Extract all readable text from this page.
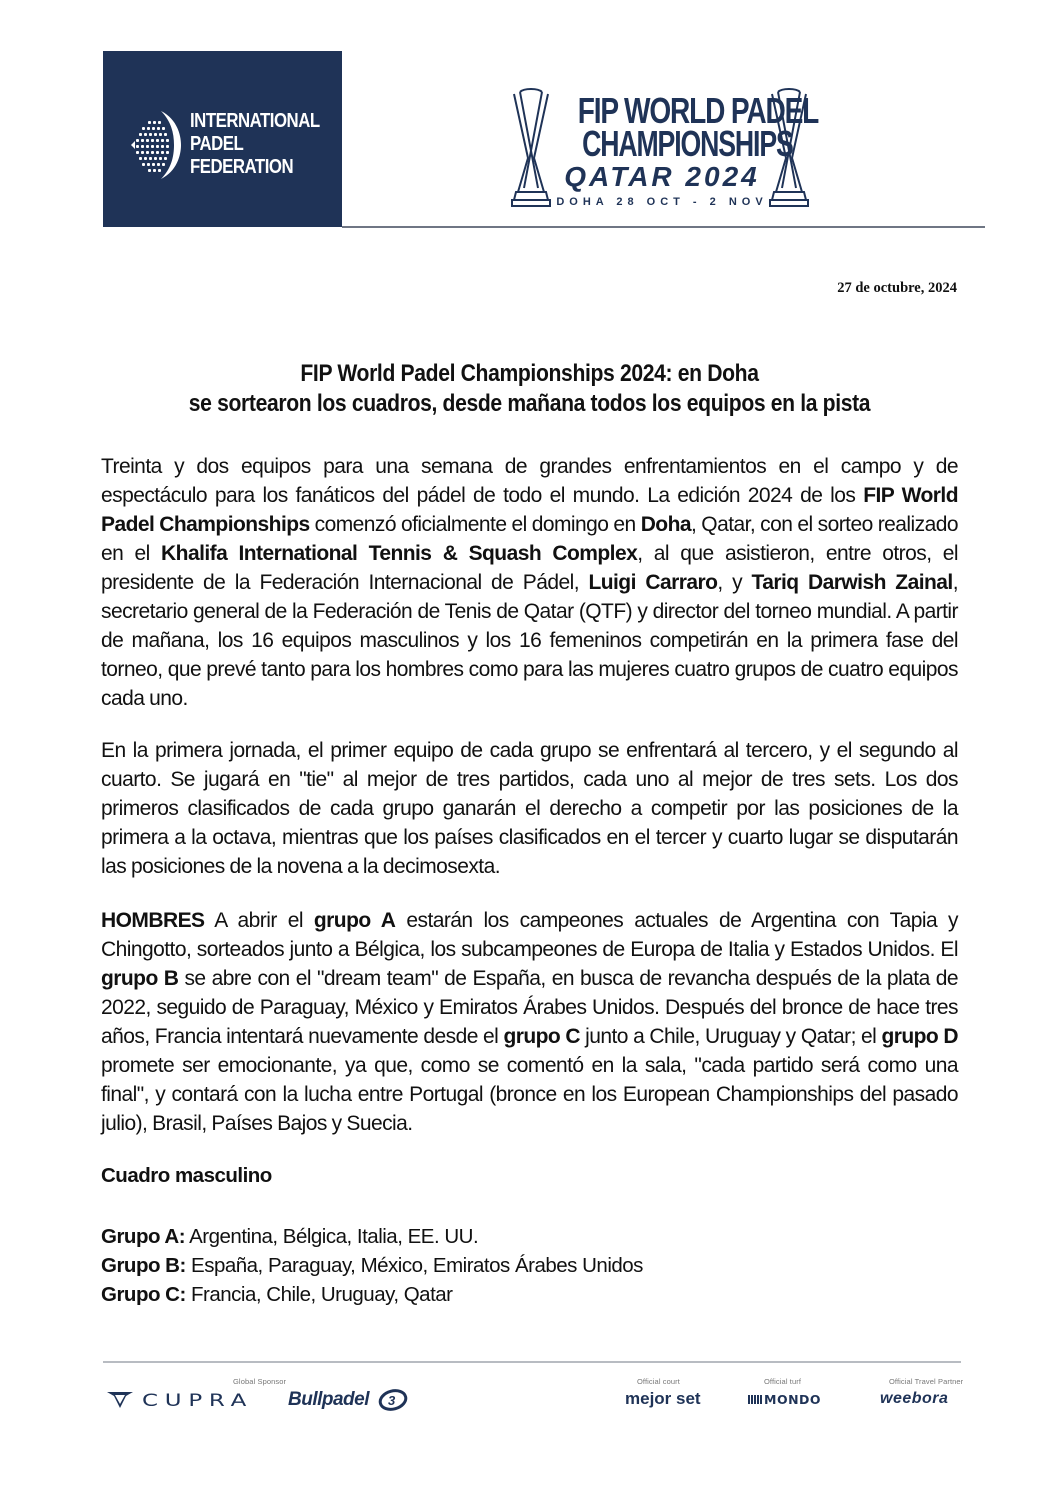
INTERNATIONAL
PADEL
FEDERATION
FIP WORLD PADEL
CHAMPIONSHIPS
QATAR 2024
DOHA 28 OCT - 2 NOV
27 de octubre, 2024
FIP World Padel Championships 2024: en Doha
se sortearon los cuadros, desde mañana todos los equipos en la pista
Treinta y dos equipos para una semana de grandes enfrentamientos en el campo y de espectáculo para los fanáticos del pádel de todo el mundo. La edición 2024 de los FIP World Padel Championships comenzó oficialmente el domingo en Doha, Qatar, con el sorteo realizado en el Khalifa International Tennis & Squash Complex, al que asistieron, entre otros, el presidente de la Federación Internacional de Pádel, Luigi Carraro, y Tariq Darwish Zainal, secretario general de la Federación de Tenis de Qatar (QTF) y director del torneo mundial. A partir de mañana, los 16 equipos masculinos y los 16 femeninos competirán en la primera fase del torneo, que prevé tanto para los hombres como para las mujeres cuatro grupos de cuatro equipos cada uno.
En la primera jornada, el primer equipo de cada grupo se enfrentará al tercero, y el segundo al cuarto. Se jugará en "tie" al mejor de tres partidos, cada uno al mejor de tres sets. Los dos primeros clasificados de cada grupo ganarán el derecho a competir por las posiciones de la primera a la octava, mientras que los países clasificados en el tercer y cuarto lugar se disputarán las posiciones de la novena a la decimosexta.
HOMBRES A abrir el grupo A estarán los campeones actuales de Argentina con Tapia y Chingotto, sorteados junto a Bélgica, los subcampeones de Europa de Italia y Estados Unidos. El grupo B se abre con el "dream team" de España, en busca de revancha después de la plata de 2022, seguido de Paraguay, México y Emiratos Árabes Unidos. Después del bronce de hace tres años, Francia intentará nuevamente desde el grupo C junto a Chile, Uruguay y Qatar; el grupo D promete ser emocionante, ya que, como se comentó en la sala, "cada partido será como una final", y contará con la lucha entre Portugal (bronce en los European Championships del pasado julio), Brasil, Países Bajos y Suecia.
Cuadro masculino
Grupo A: Argentina, Bélgica, Italia, EE. UU.
Grupo B: España, Paraguay, México, Emiratos Árabes Unidos
Grupo C: Francia, Chile, Uruguay, Qatar
CUPRA
Global Sponsor
Bullpadel 3
Official court
mejor set
Official turf
MONDO
Official Travel Partner
weebora
